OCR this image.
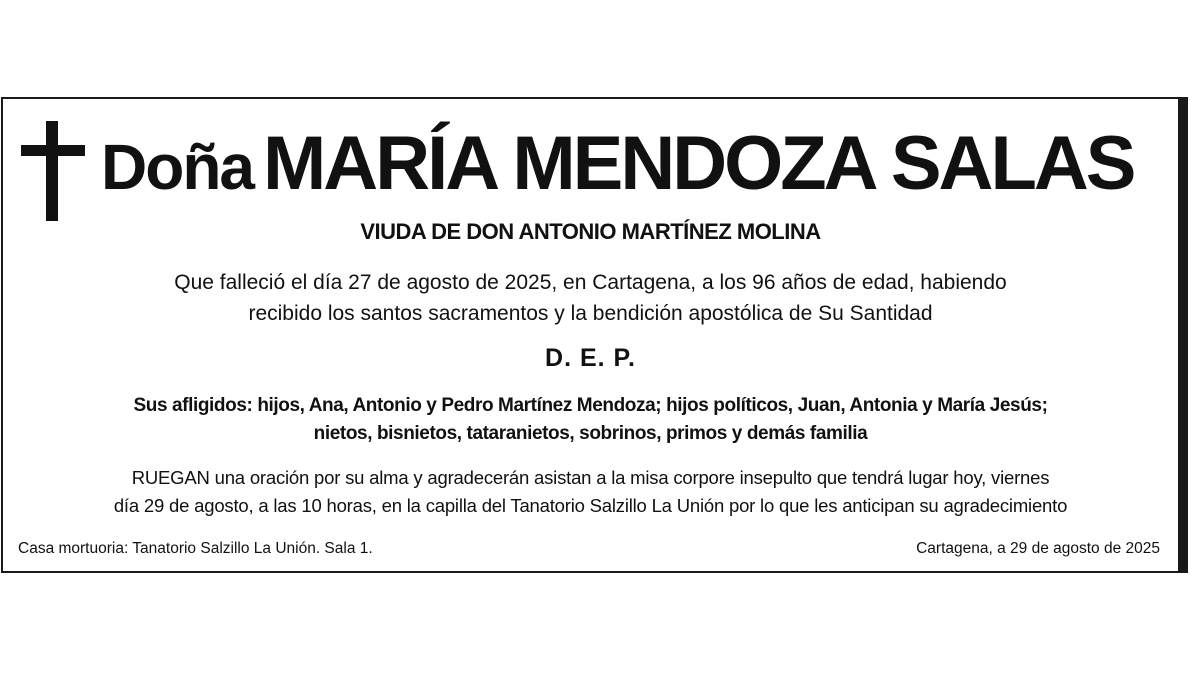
Doña MARÍA MENDOZA SALAS
VIUDA DE DON ANTONIO MARTÍNEZ MOLINA
Que falleció el día 27 de agosto de 2025, en Cartagena, a los 96 años de edad, habiendo
recibido los santos sacramentos y la bendición apostólica de Su Santidad
D. E. P.
Sus afligidos: hijos, Ana, Antonio y Pedro Martínez Mendoza; hijos políticos, Juan, Antonia y María Jesús;
nietos, bisnietos, tataranietos, sobrinos, primos y demás familia
RUEGAN una oración por su alma y agradecerán asistan a la misa corpore insepulto que tendrá lugar hoy, viernes
día 29 de agosto, a las 10 horas, en la capilla del Tanatorio Salzillo La Unión por lo que les anticipan su agradecimiento
Casa mortuoria: Tanatorio Salzillo La Unión. Sala 1.	Cartagena, a 29 de agosto de 2025
